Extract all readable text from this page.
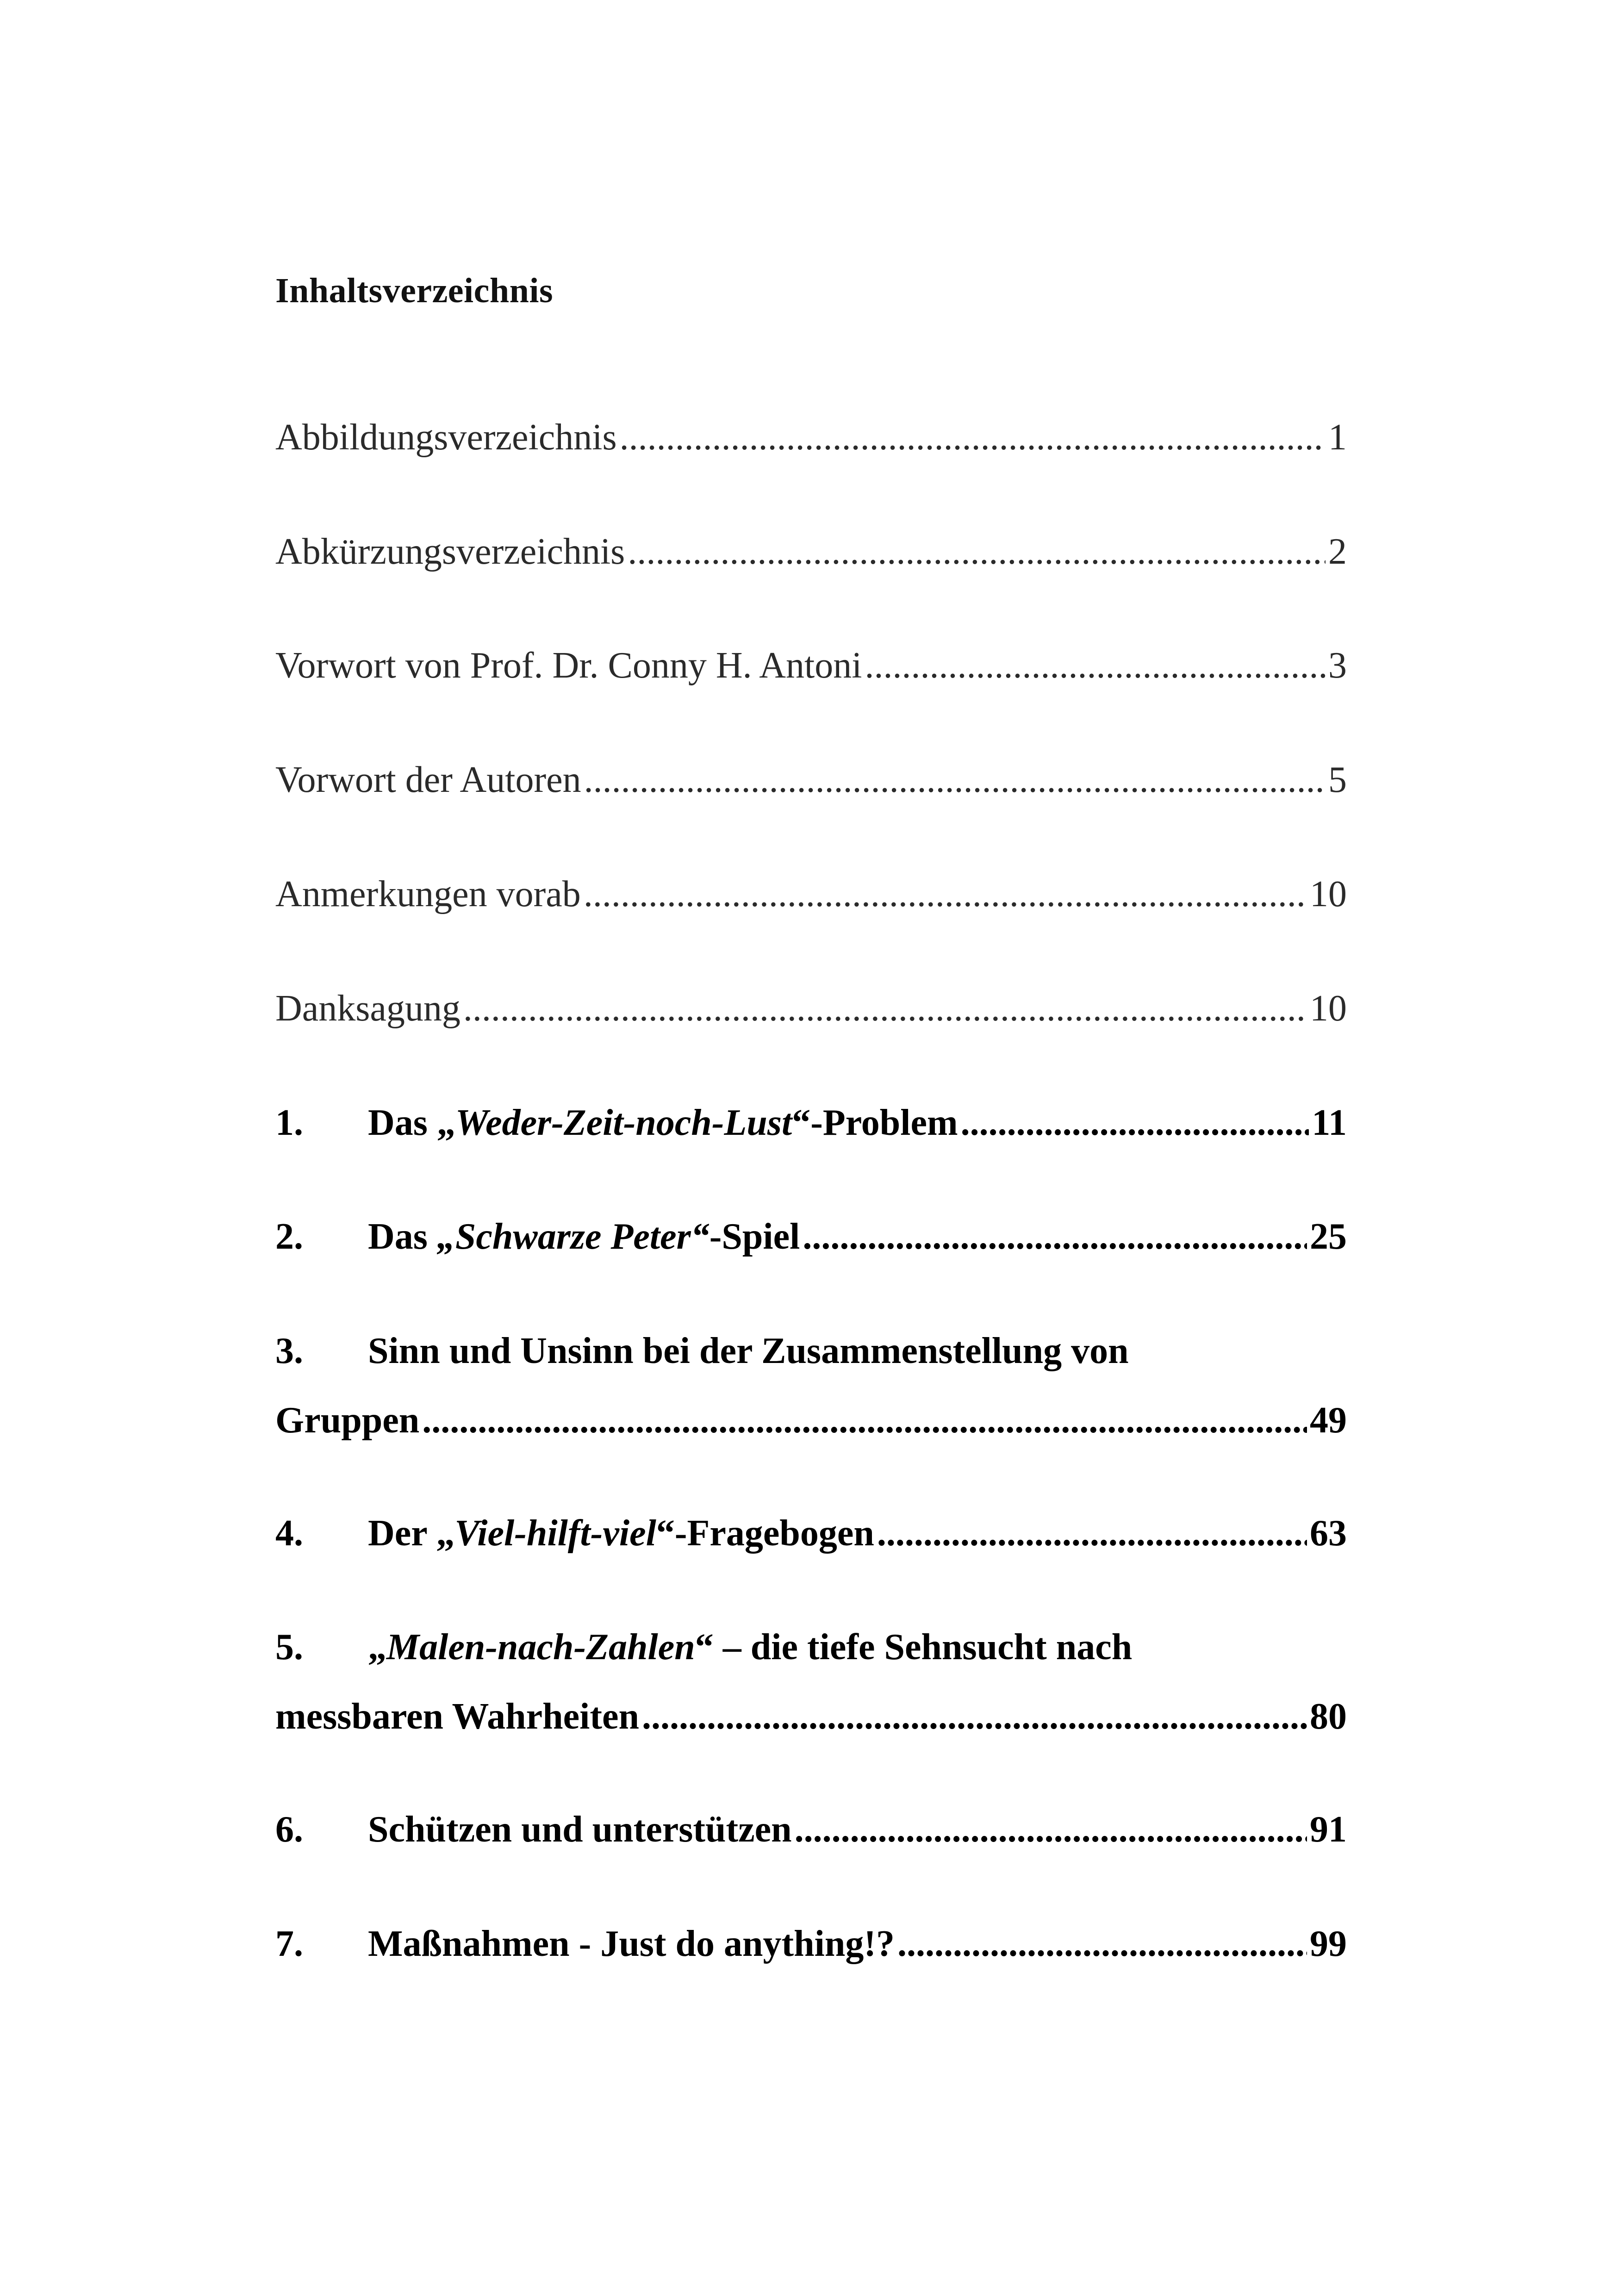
Inhaltsverzeichnis
Abbildungsverzeichnis .....	1
Abkürzungsverzeichnis .....	2
Vorwort von Prof. Dr. Conny H. Antoni .....	3
Vorwort der Autoren .....	5
Anmerkungen vorab .....	10
Danksagung .....	10
1.	Das „Weder-Zeit-noch-Lust“-Problem .....	11
2.	Das „Schwarze Peter“-Spiel .....	25
3.	Sinn und Unsinn bei der Zusammenstellung von
Gruppen .....	49
4.	Der „Viel-hilft-viel“-Fragebogen .....	63
5.	„Malen-nach-Zahlen“ – die tiefe Sehnsucht nach
messbaren Wahrheiten .....	80
6.	Schützen und unterstützen .....	91
7.	Maßnahmen - Just do anything!? .....	99
